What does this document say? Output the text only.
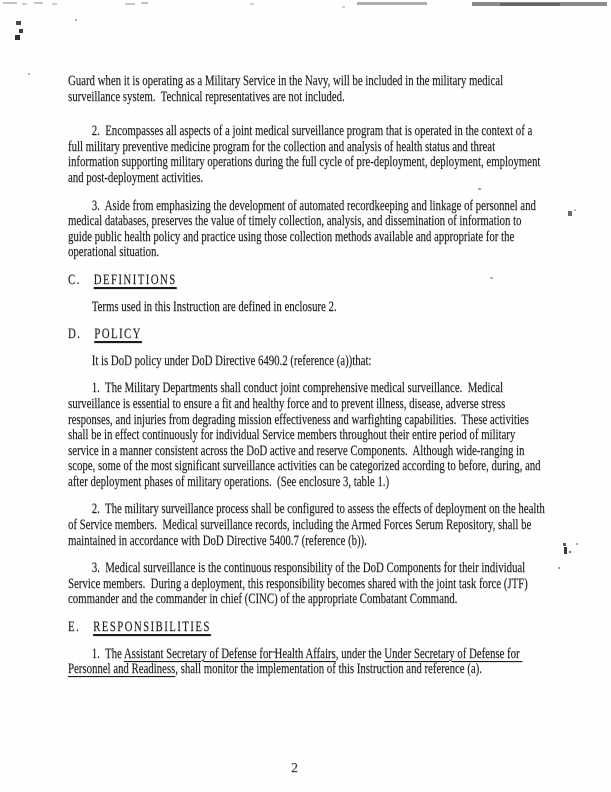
Guard when it is operating as a Military Service in the Navy, will be included in the military medical surveillance system.  Technical representatives are not included.

2.  Encompasses all aspects of a joint medical surveillance program that is operated in the context of a full military preventive medicine program for the collection and analysis of health status and threat information supporting military operations during the full cycle of pre-deployment, deployment, employment and post-deployment activities.

3.  Aside from emphasizing the development of automated recordkeeping and linkage of personnel and medical databases, preserves the value of timely collection, analysis, and dissemination of information to guide public health policy and practice using those collection methods available and appropriate for the operational situation.

C. DEFINITIONS

Terms used in this Instruction are defined in enclosure 2.

D. POLICY

It is DoD policy under DoD Directive 6490.2 (reference (a))that:

1.  The Military Departments shall conduct joint comprehensive medical surveillance.  Medical surveillance is essential to ensure a fit and healthy force and to prevent illness, disease, adverse stress responses, and injuries from degrading mission effectiveness and warfighting capabilities.  These activities shall be in effect continuously for individual Service members throughout their entire period of military service in a manner consistent across the DoD active and reserve Components.  Although wide-ranging in scope, some of the most significant surveillance activities can be categorized according to before, during, and after deployment phases of military operations.  (See enclosure 3, table 1.)

2.  The military surveillance process shall be configured to assess the effects of deployment on the health of Service members.  Medical surveillance records, including the Armed Forces Serum Repository, shall be maintained in accordance with DoD Directive 5400.7 (reference (b)).

3.  Medical surveillance is the continuous responsibility of the DoD Components for their individual Service members.  During a deployment, this responsibility becomes shared with the joint task force (JTF) commander and the commander in chief (CINC) of the appropriate Combatant Command.

E. RESPONSIBILITIES

1.  The Assistant Secretary of Defense for Health Affairs, under the Under Secretary of Defense for Personnel and Readiness, shall monitor the implementation of this Instruction and reference (a).

2
